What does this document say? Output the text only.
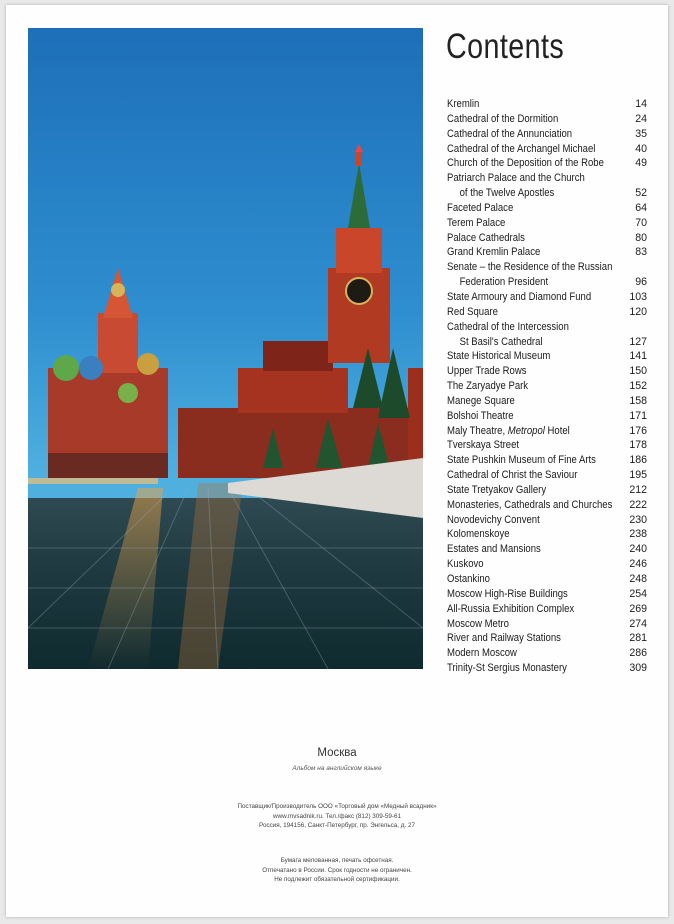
Contents
Kremlin	14
Cathedral of the Dormition	24
Cathedral of the Annunciation	35
Cathedral of the Archangel Michael	40
Church of the Deposition of the Robe	49
Patriarch Palace and the Church
of the Twelve Apostles	52
Faceted Palace	64
Terem Palace	70
Palace Cathedrals	80
Grand Kremlin Palace	83
Senate – the Residence of the Russian
Federation President	96
State Armoury and Diamond Fund	103
Red Square	120
Cathedral of the Intercession
St Basil's Cathedral	127
State Historical Museum	141
Upper Trade Rows	150
The Zaryadye Park	152
Manege Square	158
Bolshoi Theatre	171
Maly Theatre, Metropol Hotel	176
Tverskaya Street	178
State Pushkin Museum of Fine Arts	186
Cathedral of Christ the Saviour	195
State Tretyakov Gallery	212
Monasteries, Cathedrals and Churches 222
Novodevichy Convent	230
Kolomenskoye	238
Estates and Mansions	240
Kuskovo	246
Ostankino	248
Moscow High-Rise Buildings	254
All-Russia Exhibition Complex	269
Moscow Metro	274
River and Railway Stations	281
Modern Moscow	286
Trinity-St Sergius Monastery	309
Москва
Альбом на английском языке
Поставщик/Производитель ООО «Торговый дом «Медный всадник»
www.mvsadnik.ru. Тел./факс (812) 309-59-61
Россия, 194156, Санкт-Петербург, пр. Энгельса, д. 27
Бумага мелованная, печать офсетная.
Отпечатано в России. Срок годности не ограничен.
Не подлежит обязательной сертификации.
